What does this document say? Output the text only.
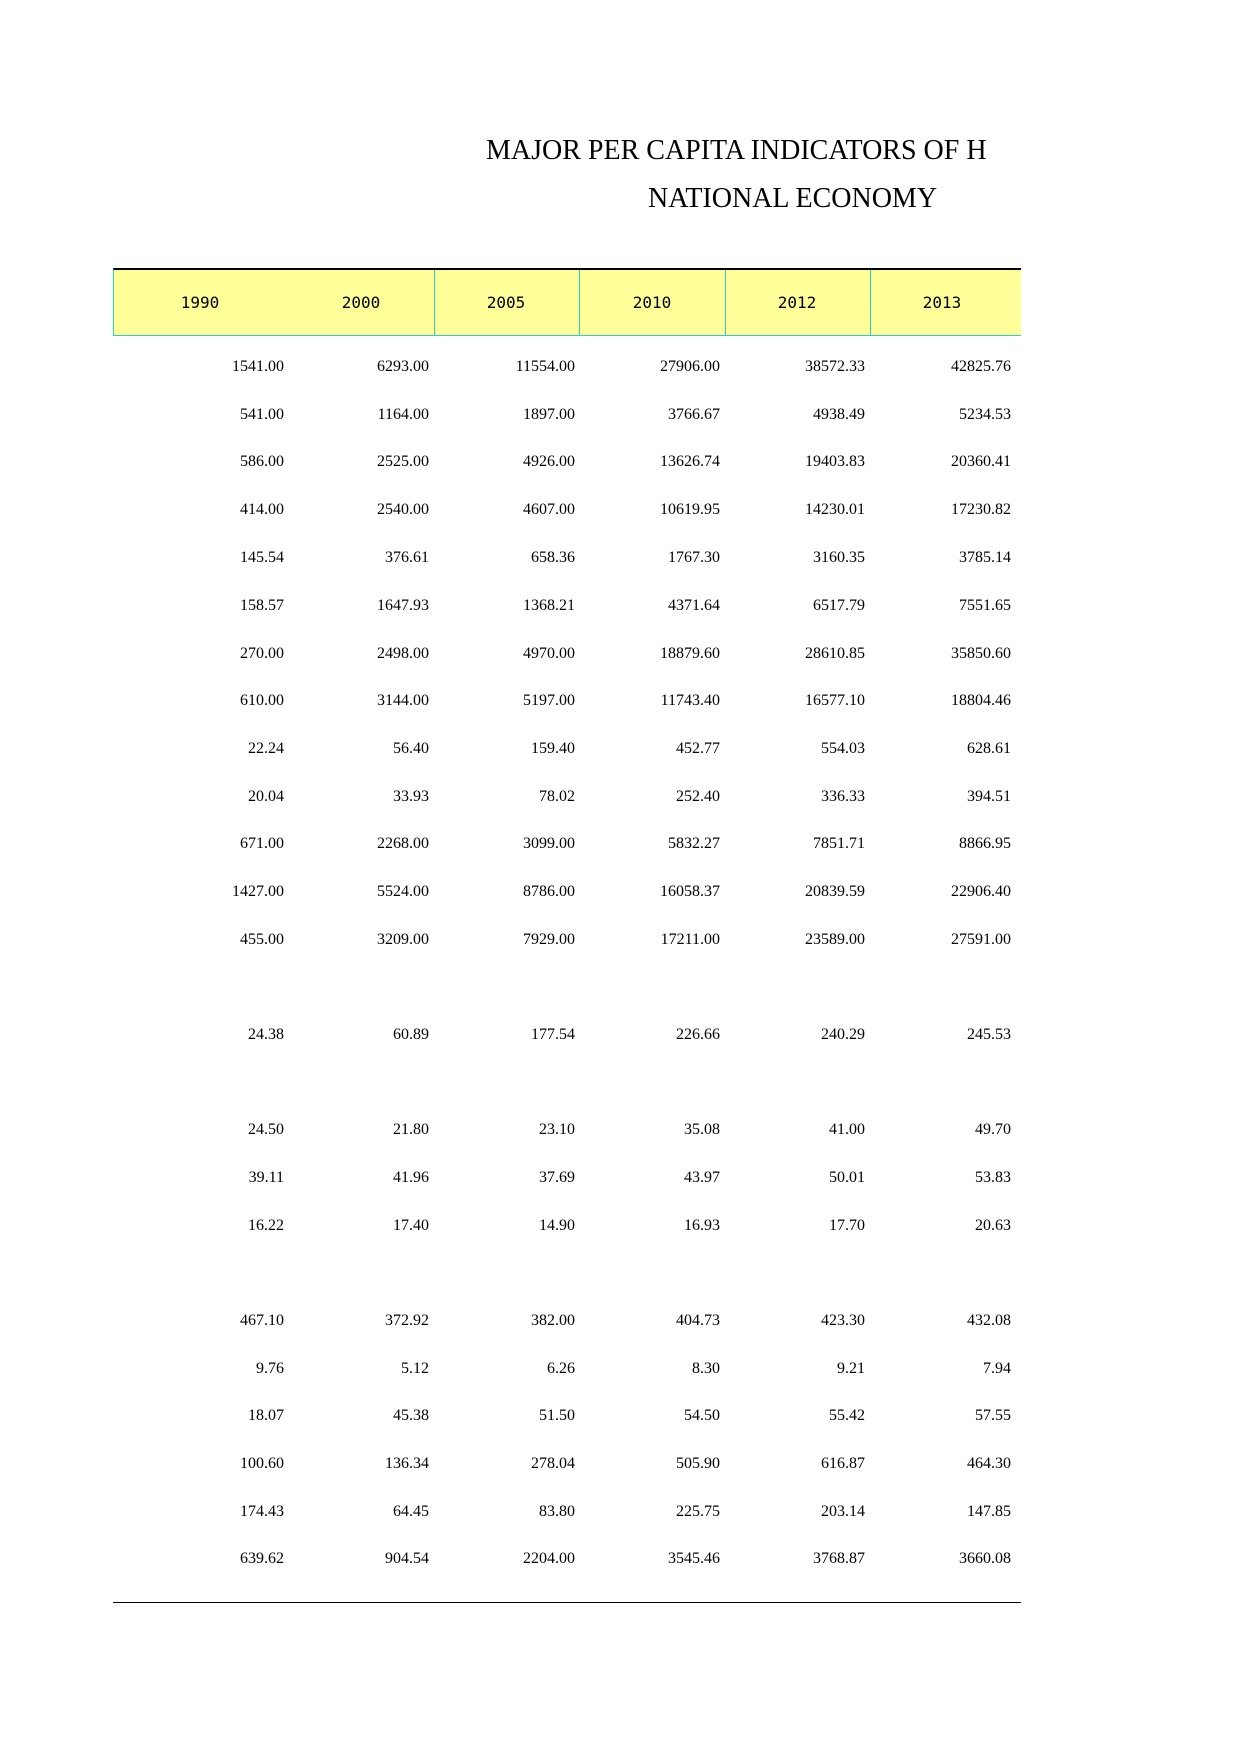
MAJOR PER CAPITA INDICATORS OF H
NATIONAL ECONOMY
1990	2000	2005	2010	2012	2013
1541.00	6293.00	11554.00	27906.00	38572.33	42825.76
541.00	1164.00	1897.00	3766.67	4938.49	5234.53
586.00	2525.00	4926.00	13626.74	19403.83	20360.41
414.00	2540.00	4607.00	10619.95	14230.01	17230.82
145.54	376.61	658.36	1767.30	3160.35	3785.14
158.57	1647.93	1368.21	4371.64	6517.79	7551.65
270.00	2498.00	4970.00	18879.60	28610.85	35850.60
610.00	3144.00	5197.00	11743.40	16577.10	18804.46
22.24	56.40	159.40	452.77	554.03	628.61
20.04	33.93	78.02	252.40	336.33	394.51
671.00	2268.00	3099.00	5832.27	7851.71	8866.95
1427.00	5524.00	8786.00	16058.37	20839.59	22906.40
455.00	3209.00	7929.00	17211.00	23589.00	27591.00
24.38	60.89	177.54	226.66	240.29	245.53
24.50	21.80	23.10	35.08	41.00	49.70
39.11	41.96	37.69	43.97	50.01	53.83
16.22	17.40	14.90	16.93	17.70	20.63
467.10	372.92	382.00	404.73	423.30	432.08
9.76	5.12	6.26	8.30	9.21	7.94
18.07	45.38	51.50	54.50	55.42	57.55
100.60	136.34	278.04	505.90	616.87	464.30
174.43	64.45	83.80	225.75	203.14	147.85
639.62	904.54	2204.00	3545.46	3768.87	3660.08
